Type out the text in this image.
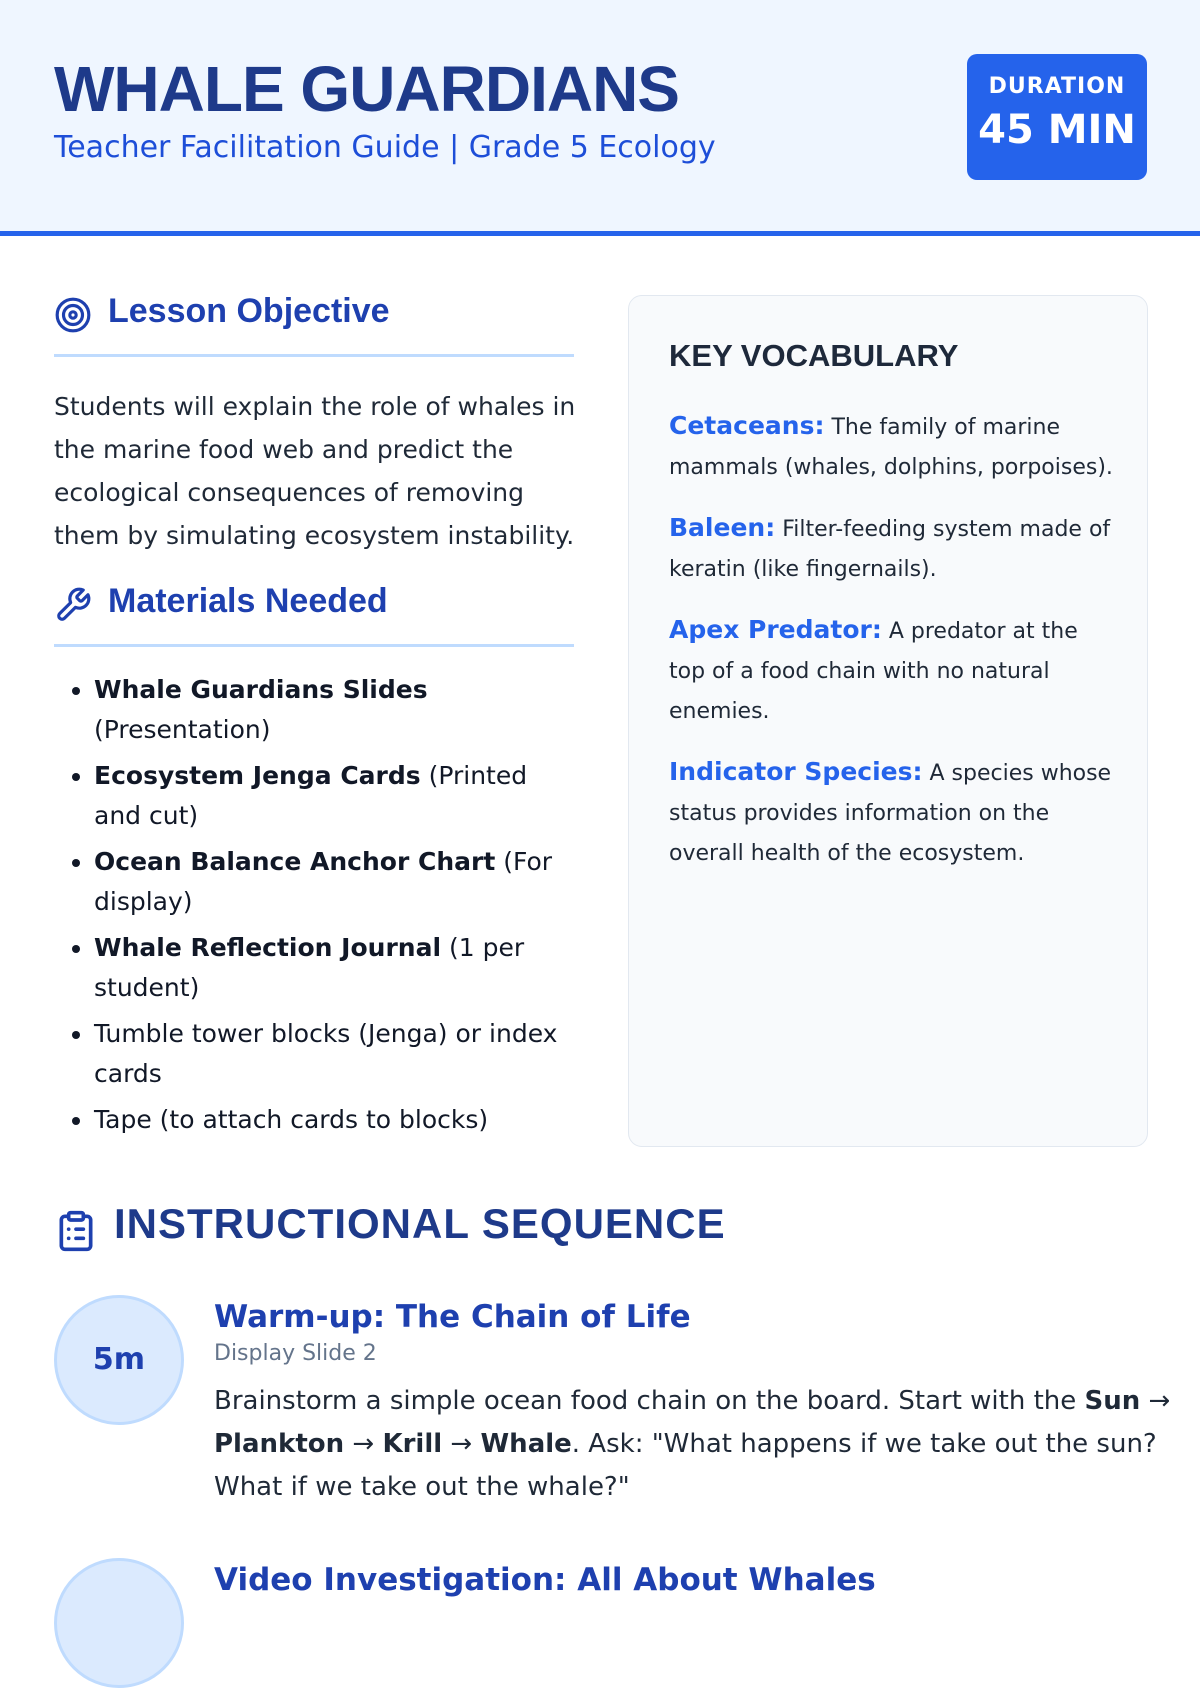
WHALE GUARDIANS
Teacher Facilitation Guide | Grade 5 Ecology
DURATION
45 MIN
Lesson Objective

Students will explain the role of whales in the marine food web and predict the ecological consequences of removing them by simulating ecosystem instability.

Materials Needed
• Whale Guardians Slides (Presentation)
• Ecosystem Jenga Cards (Printed and cut)
• Ocean Balance Anchor Chart (For display)
• Whale Reflection Journal (1 per student)
• Tumble tower blocks (Jenga) or index cards
• Tape (to attach cards to blocks)
KEY VOCABULARY

Cetaceans: The family of marine mammals (whales, dolphins, porpoises).

Baleen: Filter-feeding system made of keratin (like fingernails).

Apex Predator: A predator at the top of a food chain with no natural enemies.

Indicator Species: A species whose status provides information on the overall health of the ecosystem.

INSTRUCTIONAL SEQUENCE
5m
Warm-up: The Chain of Life
Display Slide 2

Brainstorm a simple ocean food chain on the board. Start with the Sun → Plankton → Krill → Whale. Ask: "What happens if we take out the sun? What if we take out the whale?"

Video Investigation: All About Whales
